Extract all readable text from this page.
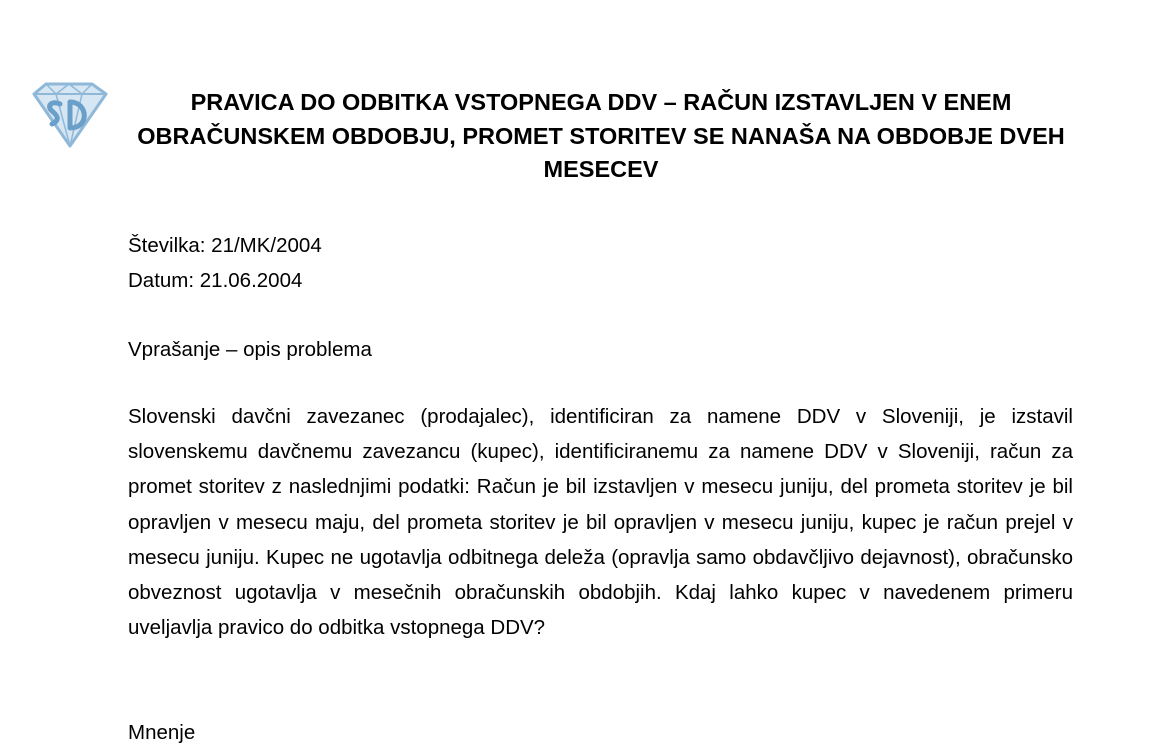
PRAVICA DO ODBITKA VSTOPNEGA DDV – RAČUN IZSTAVLJEN V ENEM OBRAČUNSKEM OBDOBJU, PROMET STORITEV SE NANAŠA NA OBDOBJE DVEH MESECEV
Številka: 21/MK/2004
Datum: 21.06.2004
Vprašanje – opis problema

Slovenski davčni zavezanec (prodajalec), identificiran za namene DDV v Sloveniji, je izstavil slovenskemu davčnemu zavezancu (kupec), identificiranemu za namene DDV v Sloveniji, račun za promet storitev z naslednjimi podatki: Račun je bil izstavljen v mesecu juniju, del prometa storitev je bil opravljen v mesecu maju, del prometa storitev je bil opravljen v mesecu juniju, kupec je račun prejel v mesecu juniju. Kupec ne ugotavlja odbitnega deleža (opravlja samo obdavčljivo dejavnost), obračunsko obveznost ugotavlja v mesečnih obračunskih obdobjih. Kdaj lahko kupec v navedenem primeru uveljavlja pravico do odbitka vstopnega DDV?

Mnenje
